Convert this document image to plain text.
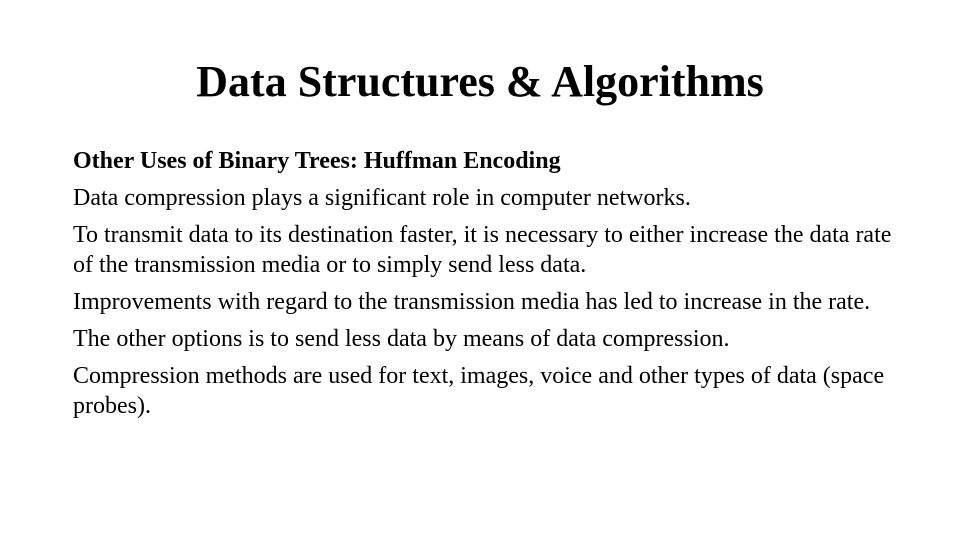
Data Structures & Algorithms

Other Uses of Binary Trees: Huffman Encoding

Data compression plays a significant role in computer networks.

To transmit data to its destination faster, it is necessary to either increase the data rate of the transmission media or to simply send less data.

Improvements with regard to the transmission media has led to increase in the rate.

The other options is to send less data by means of data compression.

Compression methods are used for text, images, voice and other types of data (space probes).
